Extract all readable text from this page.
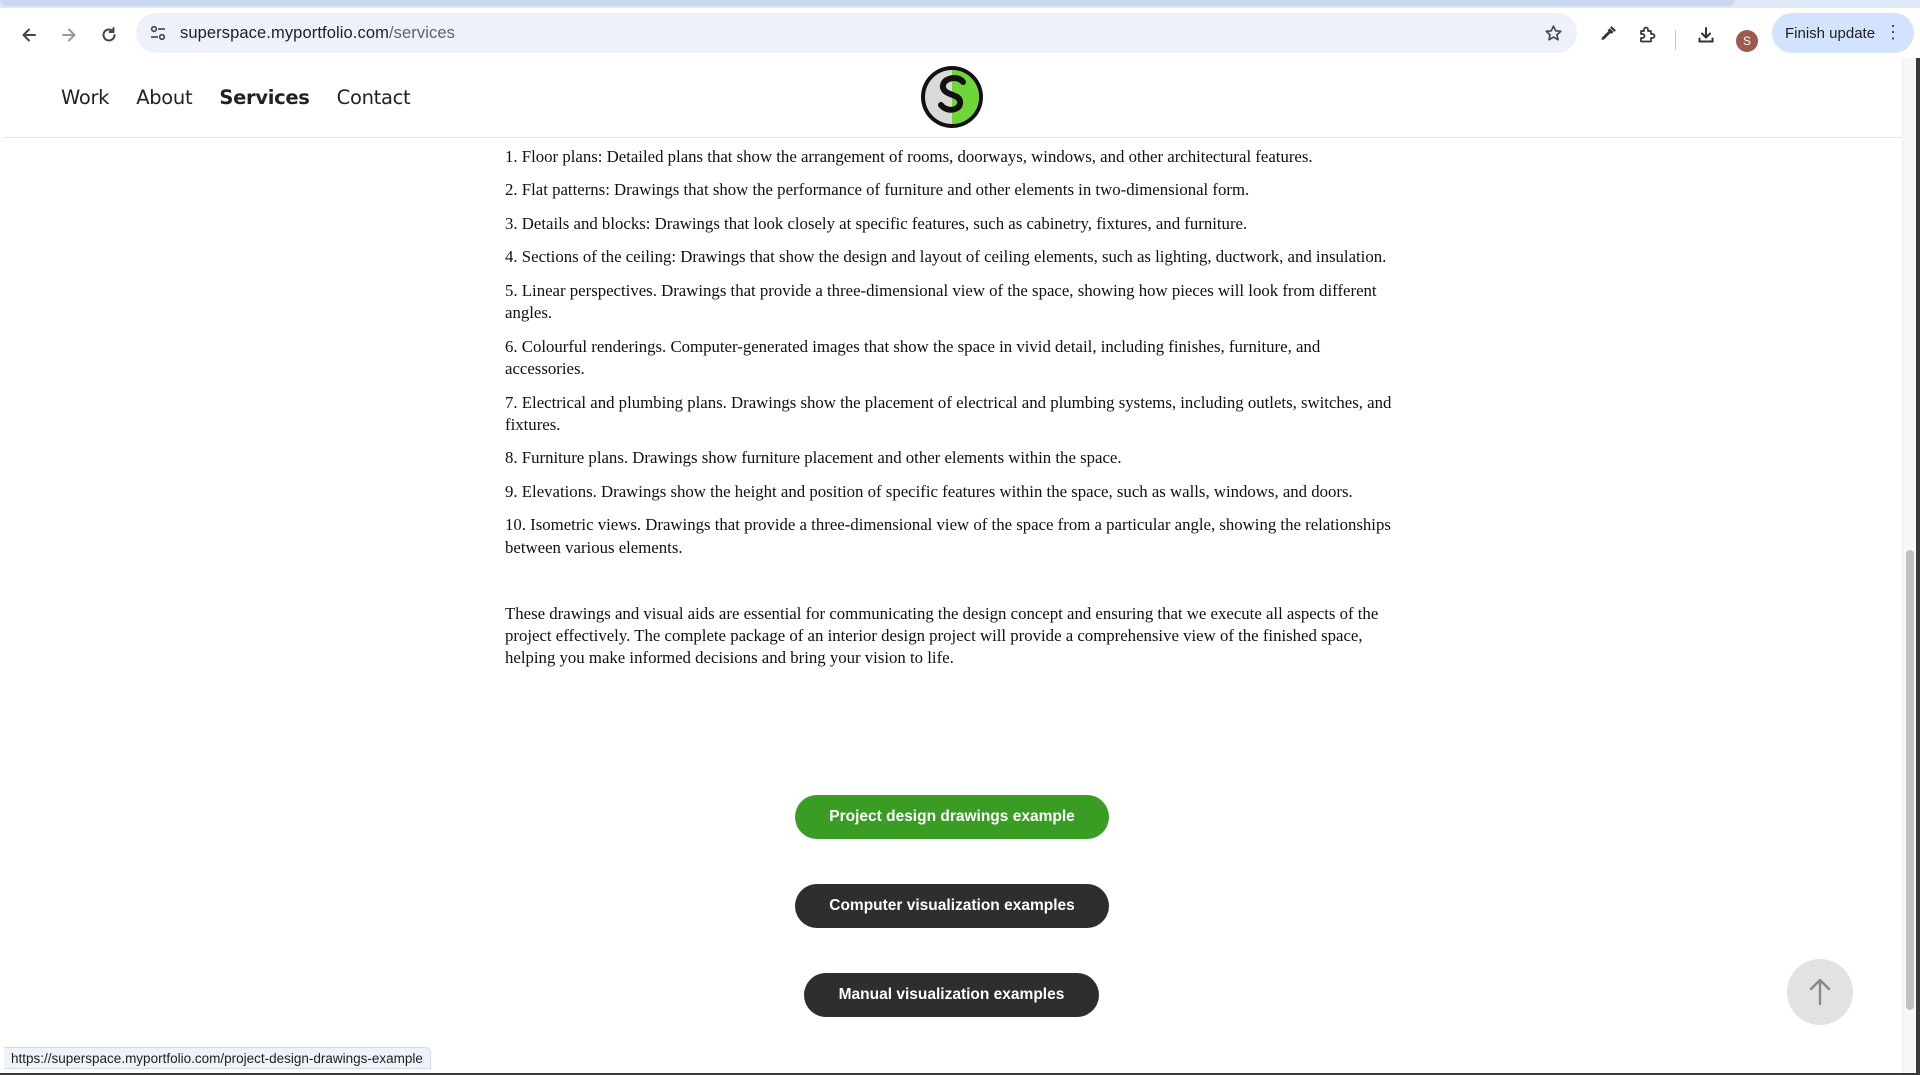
superspace.myportfolio.com/services	S	Finish update ⋮
Work About Services Contact

1. Floor plans: Detailed plans that show the arrangement of rooms, doorways, windows, and other architectural features.

2. Flat patterns: Drawings that show the performance of furniture and other elements in two-dimensional form.

3. Details and blocks: Drawings that look closely at specific features, such as cabinetry, fixtures, and furniture.

4. Sections of the ceiling: Drawings that show the design and layout of ceiling elements, such as lighting, ductwork, and insulation.

5. Linear perspectives. Drawings that provide a three-dimensional view of the space, showing how pieces will look from different angles.

6. Colourful renderings. Computer-generated images that show the space in vivid detail, including finishes, furniture, and accessories.

7. Electrical and plumbing plans. Drawings show the placement of electrical and plumbing systems, including outlets, switches, and fixtures.

8. Furniture plans. Drawings show furniture placement and other elements within the space.

9. Elevations. Drawings show the height and position of specific features within the space, such as walls, windows, and doors.

10. Isometric views. Drawings that provide a three-dimensional view of the space from a particular angle, showing the relationships between various elements.

These drawings and visual aids are essential for communicating the design concept and ensuring that we execute all aspects of the project effectively. The complete package of an interior design project will provide a comprehensive view of the finished space, helping you make informed decisions and bring your vision to life.

Project design drawings example
Computer visualization examples
Manual visualization examples
https://superspace.myportfolio.com/project-design-drawings-example
